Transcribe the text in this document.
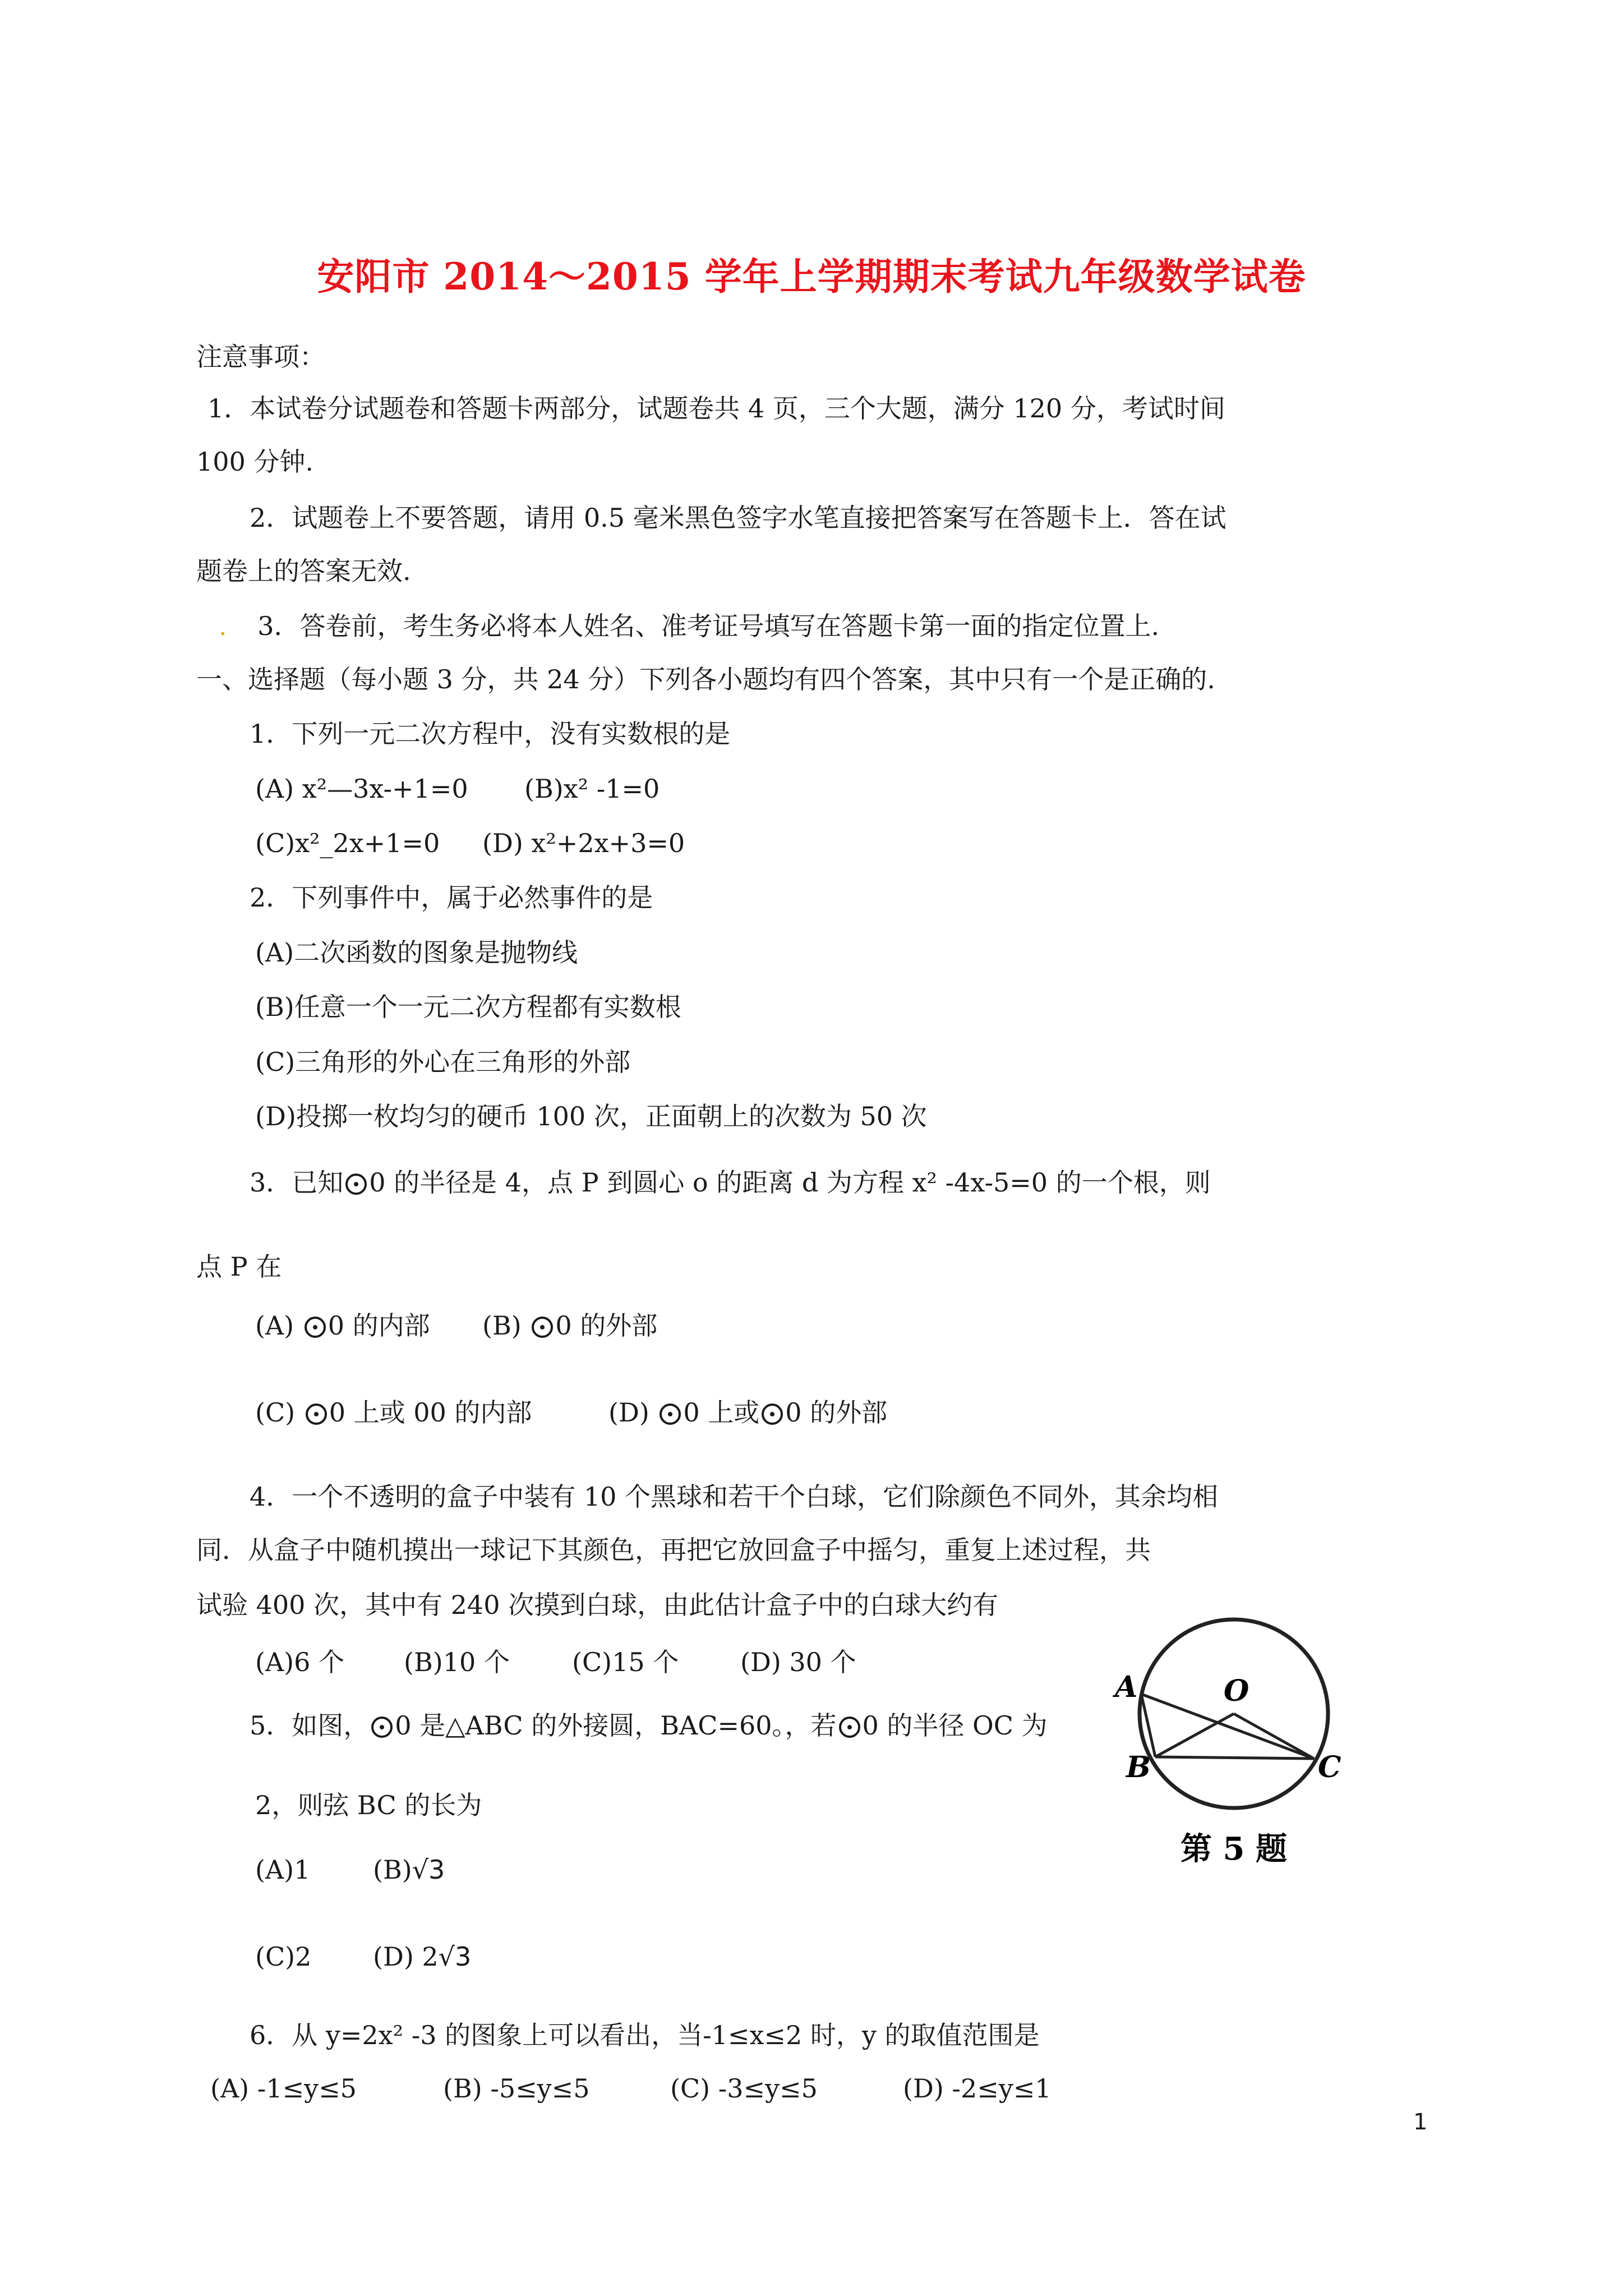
安阳市 2014～2015 学年上学期期末考试九年级数学试卷
注意事项：
1．本试卷分试题卷和答题卡两部分，试题卷共 4 页，三个大题，满分 120 分，考试时间
100 分钟.
2．试题卷上不要答题，请用 0.5 毫米黑色签字水笔直接把答案写在答题卡上．答在试
题卷上的答案无效.
. 3．答卷前，考生务必将本人姓名、准考证号填写在答题卡第一面的指定位置上.
一、选择题（每小题 3 分，共 24 分）下列各小题均有四个答案，其中只有一个是正确的.
1．下列一元二次方程中，没有实数根的是
(A) x²—3x-+1=0 (B)x² -1=0
(C)x²_2x+1=0 (D) x²+2x+3=0
2．下列事件中，属于必然事件的是
(A)二次函数的图象是抛物线
(B)任意一个一元二次方程都有实数根
(C)三角形的外心在三角形的外部
(D)投掷一枚均匀的硬币 100 次，正面朝上的次数为 50 次
3．已知 0 的半径是 4，点 P 到圆心 o 的距离 d 为方程 x² -4x-5=0 的一个根，则
点 P 在
(A) 0 的内部 (B) 0 的外部
(C) 0 上或 00 的内部	(D) 0 上或 0 的外部
4．一个不透明的盒子中装有 10 个黑球和若干个白球，它们除颜色不同外，其余均相
同．从盒子中随机摸出一球记下其颜色，再把它放回盒子中摇匀，重复上述过程，共
试验 400 次，其中有 240 次摸到白球，由此估计盒子中的白球大约有
(A)6 个 (B)10 个 (C)15 个 (D) 30 个
5．如图， 0 是△ABC 的外接圆，BAC=60。，若 0 的半径 OC 为
2，则弦 BC 的长为
(A)1 (B)√3
(C)2 (D) 2√3
A	O
B	C
第 5 题
6．从 y=2x² -3 的图象上可以看出，当-1≤x≤2 时，y 的取值范围是
(A) -1≤y≤5	(B) -5≤y≤5	(C) -3≤y≤5	(D) -2≤y≤1
1
